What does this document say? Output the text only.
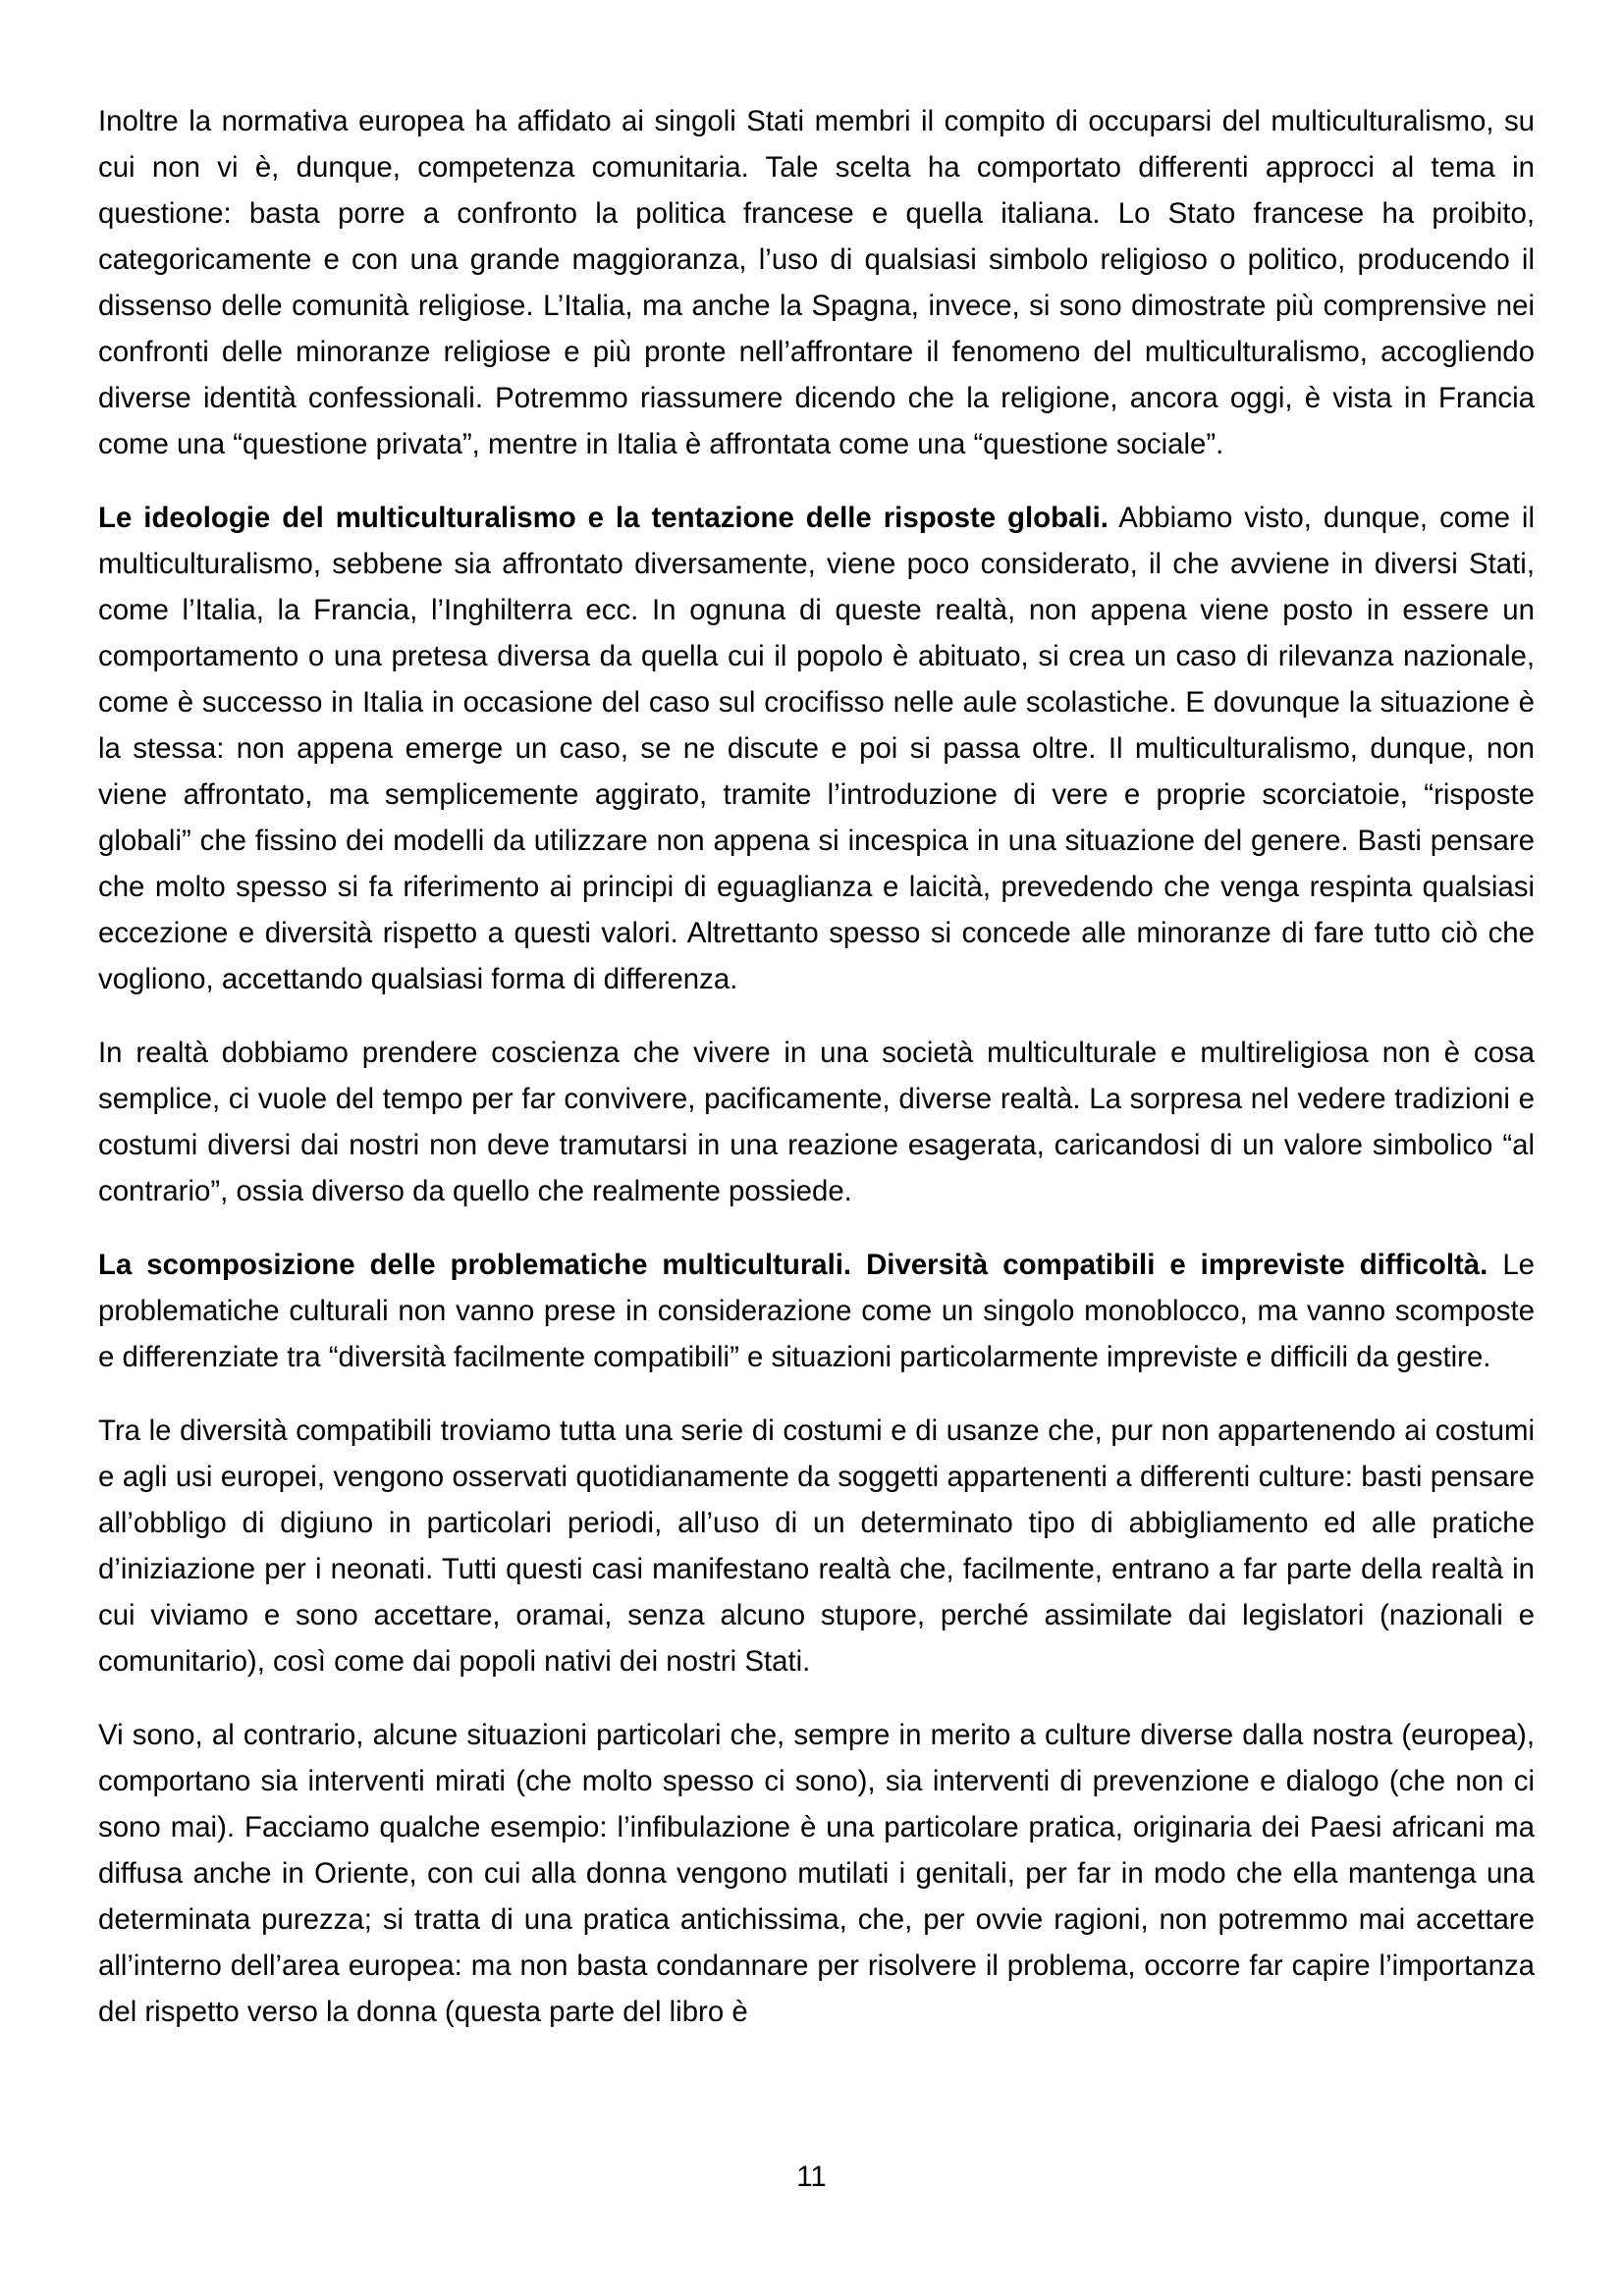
Inoltre la normativa europea ha affidato ai singoli Stati membri il compito di occuparsi del multiculturalismo, su cui non vi è, dunque, competenza comunitaria. Tale scelta ha comportato differenti approcci al tema in questione: basta porre a confronto la politica francese e quella italiana. Lo Stato francese ha proibito, categoricamente e con una grande maggioranza, l’uso di qualsiasi simbolo religioso o politico, producendo il dissenso delle comunità religiose. L’Italia, ma anche la Spagna, invece, si sono dimostrate più comprensive nei confronti delle minoranze religiose e più pronte nell’affrontare il fenomeno del multiculturalismo, accogliendo diverse identità confessionali. Potremmo riassumere dicendo che la religione, ancora oggi, è vista in Francia come una “questione privata”, mentre in Italia è affrontata come una “questione sociale”.

Le ideologie del multiculturalismo e la tentazione delle risposte globali. Abbiamo visto, dunque, come il multiculturalismo, sebbene sia affrontato diversamente, viene poco considerato, il che avviene in diversi Stati, come l’Italia, la Francia, l’Inghilterra ecc. In ognuna di queste realtà, non appena viene posto in essere un comportamento o una pretesa diversa da quella cui il popolo è abituato, si crea un caso di rilevanza nazionale, come è successo in Italia in occasione del caso sul crocifisso nelle aule scolastiche. E dovunque la situazione è la stessa: non appena emerge un caso, se ne discute e poi si passa oltre. Il multiculturalismo, dunque, non viene affrontato, ma semplicemente aggirato, tramite l’introduzione di vere e proprie scorciatoie, “risposte globali” che fissino dei modelli da utilizzare non appena si incespica in una situazione del genere. Basti pensare che molto spesso si fa riferimento ai principi di eguaglianza e laicità, prevedendo che venga respinta qualsiasi eccezione e diversità rispetto a questi valori. Altrettanto spesso si concede alle minoranze di fare tutto ciò che vogliono, accettando qualsiasi forma di differenza.

In realtà dobbiamo prendere coscienza che vivere in una società multiculturale e multireligiosa non è cosa semplice, ci vuole del tempo per far convivere, pacificamente, diverse realtà. La sorpresa nel vedere tradizioni e costumi diversi dai nostri non deve tramutarsi in una reazione esagerata, caricandosi di un valore simbolico “al contrario”, ossia diverso da quello che realmente possiede.

La scomposizione delle problematiche multiculturali. Diversità compatibili e impreviste difficoltà. Le problematiche culturali non vanno prese in considerazione come un singolo monoblocco, ma vanno scomposte e differenziate tra “diversità facilmente compatibili” e situazioni particolarmente impreviste e difficili da gestire.

Tra le diversità compatibili troviamo tutta una serie di costumi e di usanze che, pur non appartenendo ai costumi e agli usi europei, vengono osservati quotidianamente da soggetti appartenenti a differenti culture: basti pensare all’obbligo di digiuno in particolari periodi, all’uso di un determinato tipo di abbigliamento ed alle pratiche d’iniziazione per i neonati. Tutti questi casi manifestano realtà che, facilmente, entrano a far parte della realtà in cui viviamo e sono accettare, oramai, senza alcuno stupore, perché assimilate dai legislatori (nazionali e comunitario), così come dai popoli nativi dei nostri Stati.

Vi sono, al contrario, alcune situazioni particolari che, sempre in merito a culture diverse dalla nostra (europea), comportano sia interventi mirati (che molto spesso ci sono), sia interventi di prevenzione e dialogo (che non ci sono mai). Facciamo qualche esempio: l’infibulazione è una particolare pratica, originaria dei Paesi africani ma diffusa anche in Oriente, con cui alla donna vengono mutilati i genitali, per far in modo che ella mantenga una determinata purezza; si tratta di una pratica antichissima, che, per ovvie ragioni, non potremmo mai accettare all’interno dell’area europea: ma non basta condannare per risolvere il problema, occorre far capire l’importanza del rispetto verso la donna (questa parte del libro è

11
